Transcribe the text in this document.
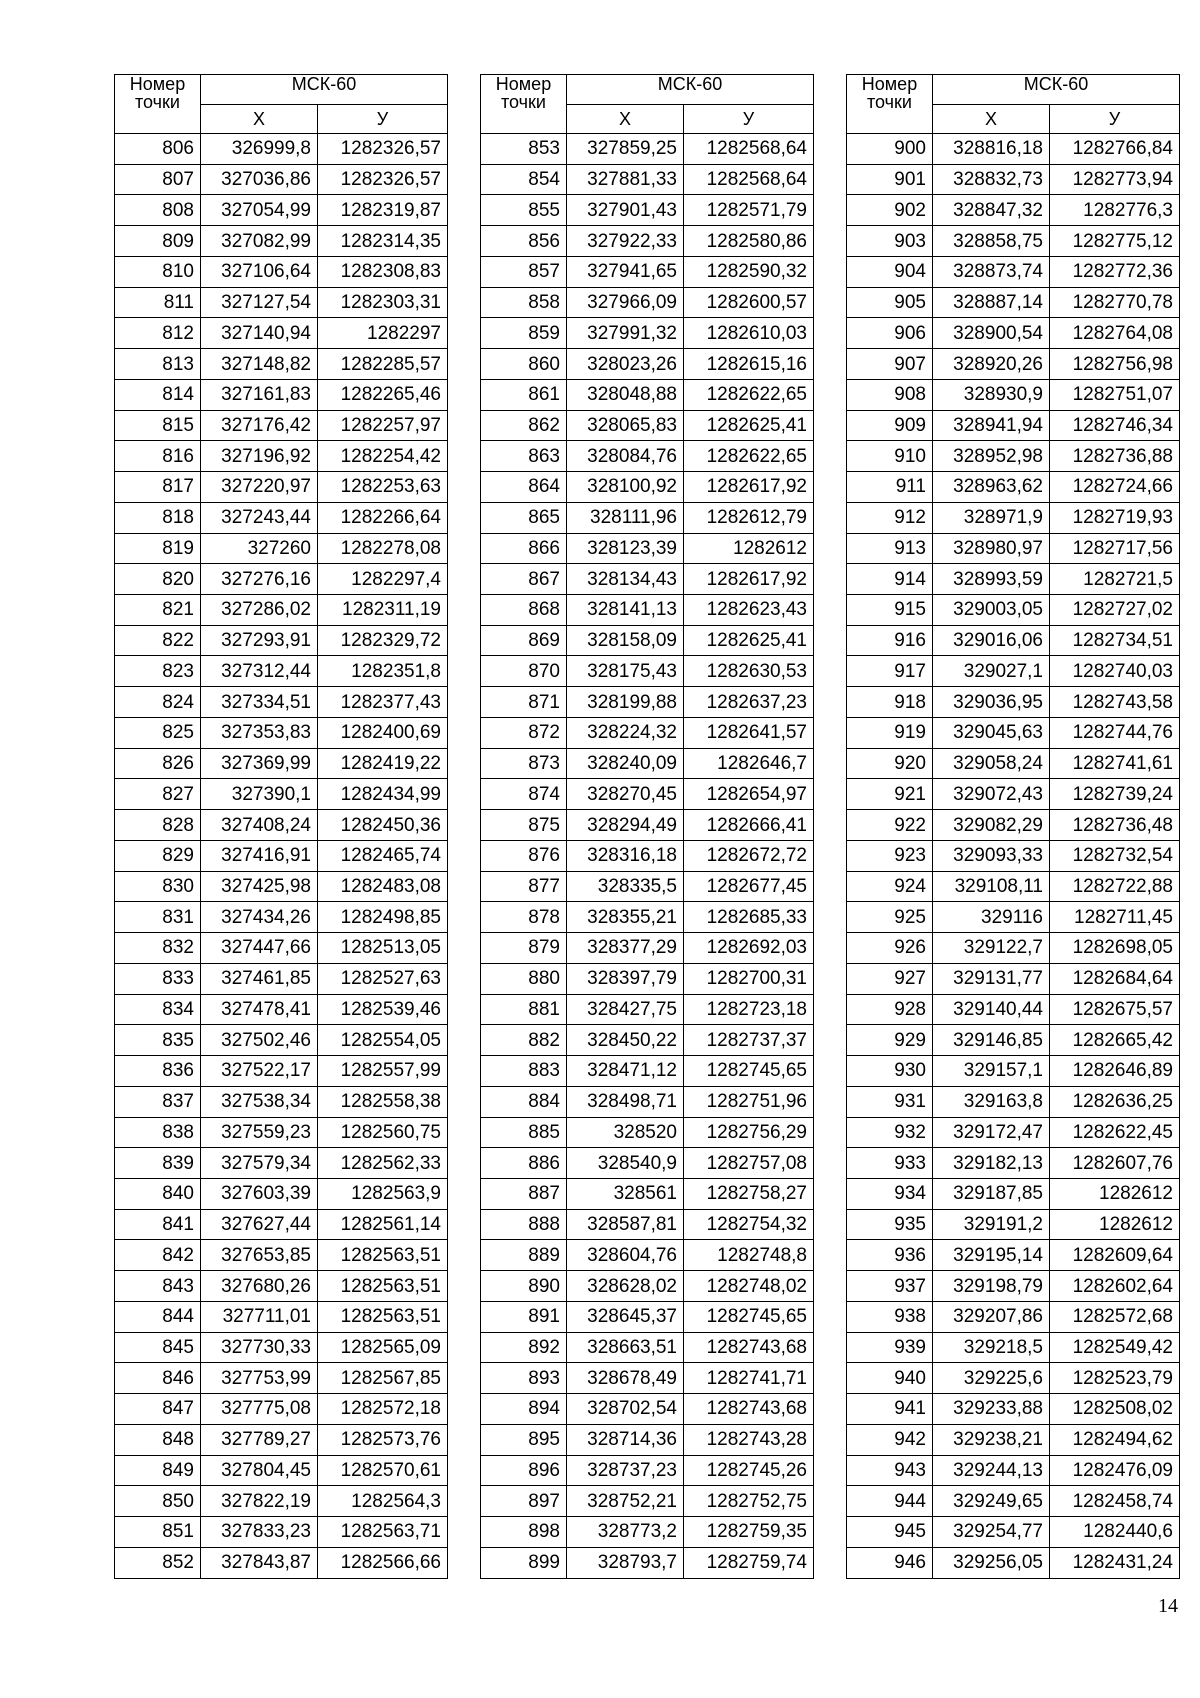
Номер точки	МСК-60	
	Х	У
806	326999,8	1282326,57
807	327036,86	1282326,57
808	327054,99	1282319,87
809	327082,99	1282314,35
810	327106,64	1282308,83
811	327127,54	1282303,31
812	327140,94	1282297
813	327148,82	1282285,57
814	327161,83	1282265,46
815	327176,42	1282257,97
816	327196,92	1282254,42
817	327220,97	1282253,63
818	327243,44	1282266,64
819	327260	1282278,08
820	327276,16	1282297,4
821	327286,02	1282311,19
822	327293,91	1282329,72
823	327312,44	1282351,8
824	327334,51	1282377,43
825	327353,83	1282400,69
826	327369,99	1282419,22
827	327390,1	1282434,99
828	327408,24	1282450,36
829	327416,91	1282465,74
830	327425,98	1282483,08
831	327434,26	1282498,85
832	327447,66	1282513,05
833	327461,85	1282527,63
834	327478,41	1282539,46
835	327502,46	1282554,05
836	327522,17	1282557,99
837	327538,34	1282558,38
838	327559,23	1282560,75
839	327579,34	1282562,33
840	327603,39	1282563,9
841	327627,44	1282561,14
842	327653,85	1282563,51
843	327680,26	1282563,51
844	327711,01	1282563,51
845	327730,33	1282565,09
846	327753,99	1282567,85
847	327775,08	1282572,18
848	327789,27	1282573,76
849	327804,45	1282570,61
850	327822,19	1282564,3
851	327833,23	1282563,71
852	327843,87	1282566,66
Номер точки	МСК-60	
	Х	У
853	327859,25	1282568,64
854	327881,33	1282568,64
855	327901,43	1282571,79
856	327922,33	1282580,86
857	327941,65	1282590,32
858	327966,09	1282600,57
859	327991,32	1282610,03
860	328023,26	1282615,16
861	328048,88	1282622,65
862	328065,83	1282625,41
863	328084,76	1282622,65
864	328100,92	1282617,92
865	328111,96	1282612,79
866	328123,39	1282612
867	328134,43	1282617,92
868	328141,13	1282623,43
869	328158,09	1282625,41
870	328175,43	1282630,53
871	328199,88	1282637,23
872	328224,32	1282641,57
873	328240,09	1282646,7
874	328270,45	1282654,97
875	328294,49	1282666,41
876	328316,18	1282672,72
877	328335,5	1282677,45
878	328355,21	1282685,33
879	328377,29	1282692,03
880	328397,79	1282700,31
881	328427,75	1282723,18
882	328450,22	1282737,37
883	328471,12	1282745,65
884	328498,71	1282751,96
885	328520	1282756,29
886	328540,9	1282757,08
887	328561	1282758,27
888	328587,81	1282754,32
889	328604,76	1282748,8
890	328628,02	1282748,02
891	328645,37	1282745,65
892	328663,51	1282743,68
893	328678,49	1282741,71
894	328702,54	1282743,68
895	328714,36	1282743,28
896	328737,23	1282745,26
897	328752,21	1282752,75
898	328773,2	1282759,35
899	328793,7	1282759,74
Номер точки	МСК-60	
	Х	У
900	328816,18	1282766,84
901	328832,73	1282773,94
902	328847,32	1282776,3
903	328858,75	1282775,12
904	328873,74	1282772,36
905	328887,14	1282770,78
906	328900,54	1282764,08
907	328920,26	1282756,98
908	328930,9	1282751,07
909	328941,94	1282746,34
910	328952,98	1282736,88
911	328963,62	1282724,66
912	328971,9	1282719,93
913	328980,97	1282717,56
914	328993,59	1282721,5
915	329003,05	1282727,02
916	329016,06	1282734,51
917	329027,1	1282740,03
918	329036,95	1282743,58
919	329045,63	1282744,76
920	329058,24	1282741,61
921	329072,43	1282739,24
922	329082,29	1282736,48
923	329093,33	1282732,54
924	329108,11	1282722,88
925	329116	1282711,45
926	329122,7	1282698,05
927	329131,77	1282684,64
928	329140,44	1282675,57
929	329146,85	1282665,42
930	329157,1	1282646,89
931	329163,8	1282636,25
932	329172,47	1282622,45
933	329182,13	1282607,76
934	329187,85	1282612
935	329191,2	1282612
936	329195,14	1282609,64
937	329198,79	1282602,64
938	329207,86	1282572,68
939	329218,5	1282549,42
940	329225,6	1282523,79
941	329233,88	1282508,02
942	329238,21	1282494,62
943	329244,13	1282476,09
944	329249,65	1282458,74
945	329254,77	1282440,6
946	329256,05	1282431,24
14
